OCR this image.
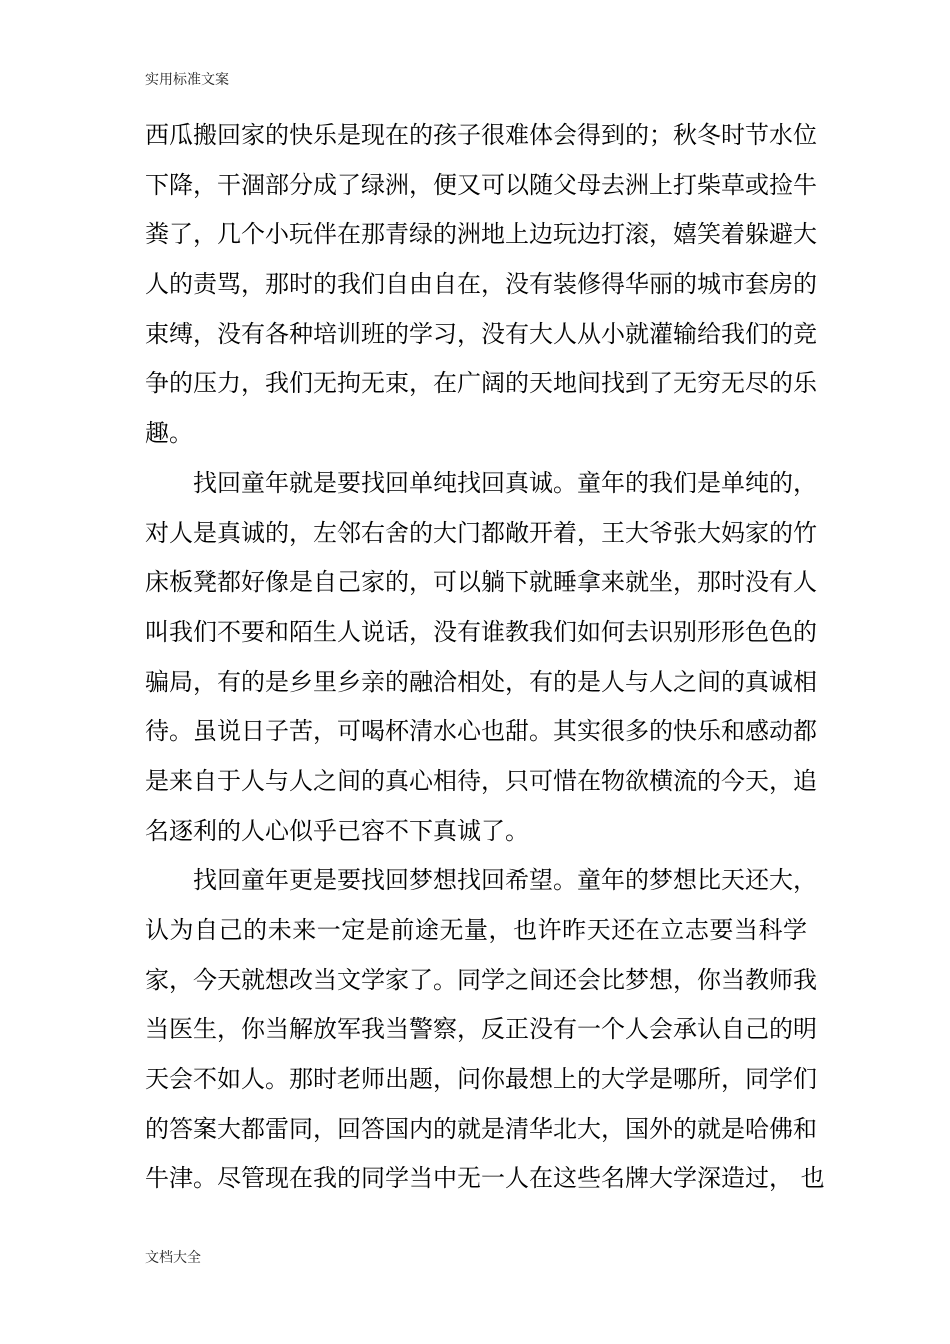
实用标准文案

西瓜搬回家的快乐是现在的孩子很难体会得到的；秋冬时节水位
下降，干涸部分成了绿洲，便又可以随父母去洲上打柴草或捡牛
粪了，几个小玩伴在那青绿的洲地上边玩边打滚，嬉笑着躲避大
人的责骂，那时的我们自由自在，没有装修得华丽的城市套房的
束缚，没有各种培训班的学习，没有大人从小就灌输给我们的竞
争的压力，我们无拘无束，在广阔的天地间找到了无穷无尽的乐
趣。

找回童年就是要找回单纯找回真诚。童年的我们是单纯的，
对人是真诚的，左邻右舍的大门都敞开着，王大爷张大妈家的竹
床板凳都好像是自己家的，可以躺下就睡拿来就坐，那时没有人
叫我们不要和陌生人说话，没有谁教我们如何去识别形形色色的
骗局，有的是乡里乡亲的融洽相处，有的是人与人之间的真诚相
待。虽说日子苦，可喝杯清水心也甜。其实很多的快乐和感动都
是来自于人与人之间的真心相待，只可惜在物欲横流的今天，追
名逐利的人心似乎已容不下真诚了。

找回童年更是要找回梦想找回希望。童年的梦想比天还大，
认为自己的未来一定是前途无量，也许昨天还在立志要当科学
家，今天就想改当文学家了。同学之间还会比梦想，你当教师我
当医生，你当解放军我当警察，反正没有一个人会承认自己的明
天会不如人。那时老师出题，问你最想上的大学是哪所，同学们
的答案大都雷同，回答国内的就是清华北大，国外的就是哈佛和
牛津。尽管现在我的同学当中无一人在这些名牌大学深造过， 也

文档大全
